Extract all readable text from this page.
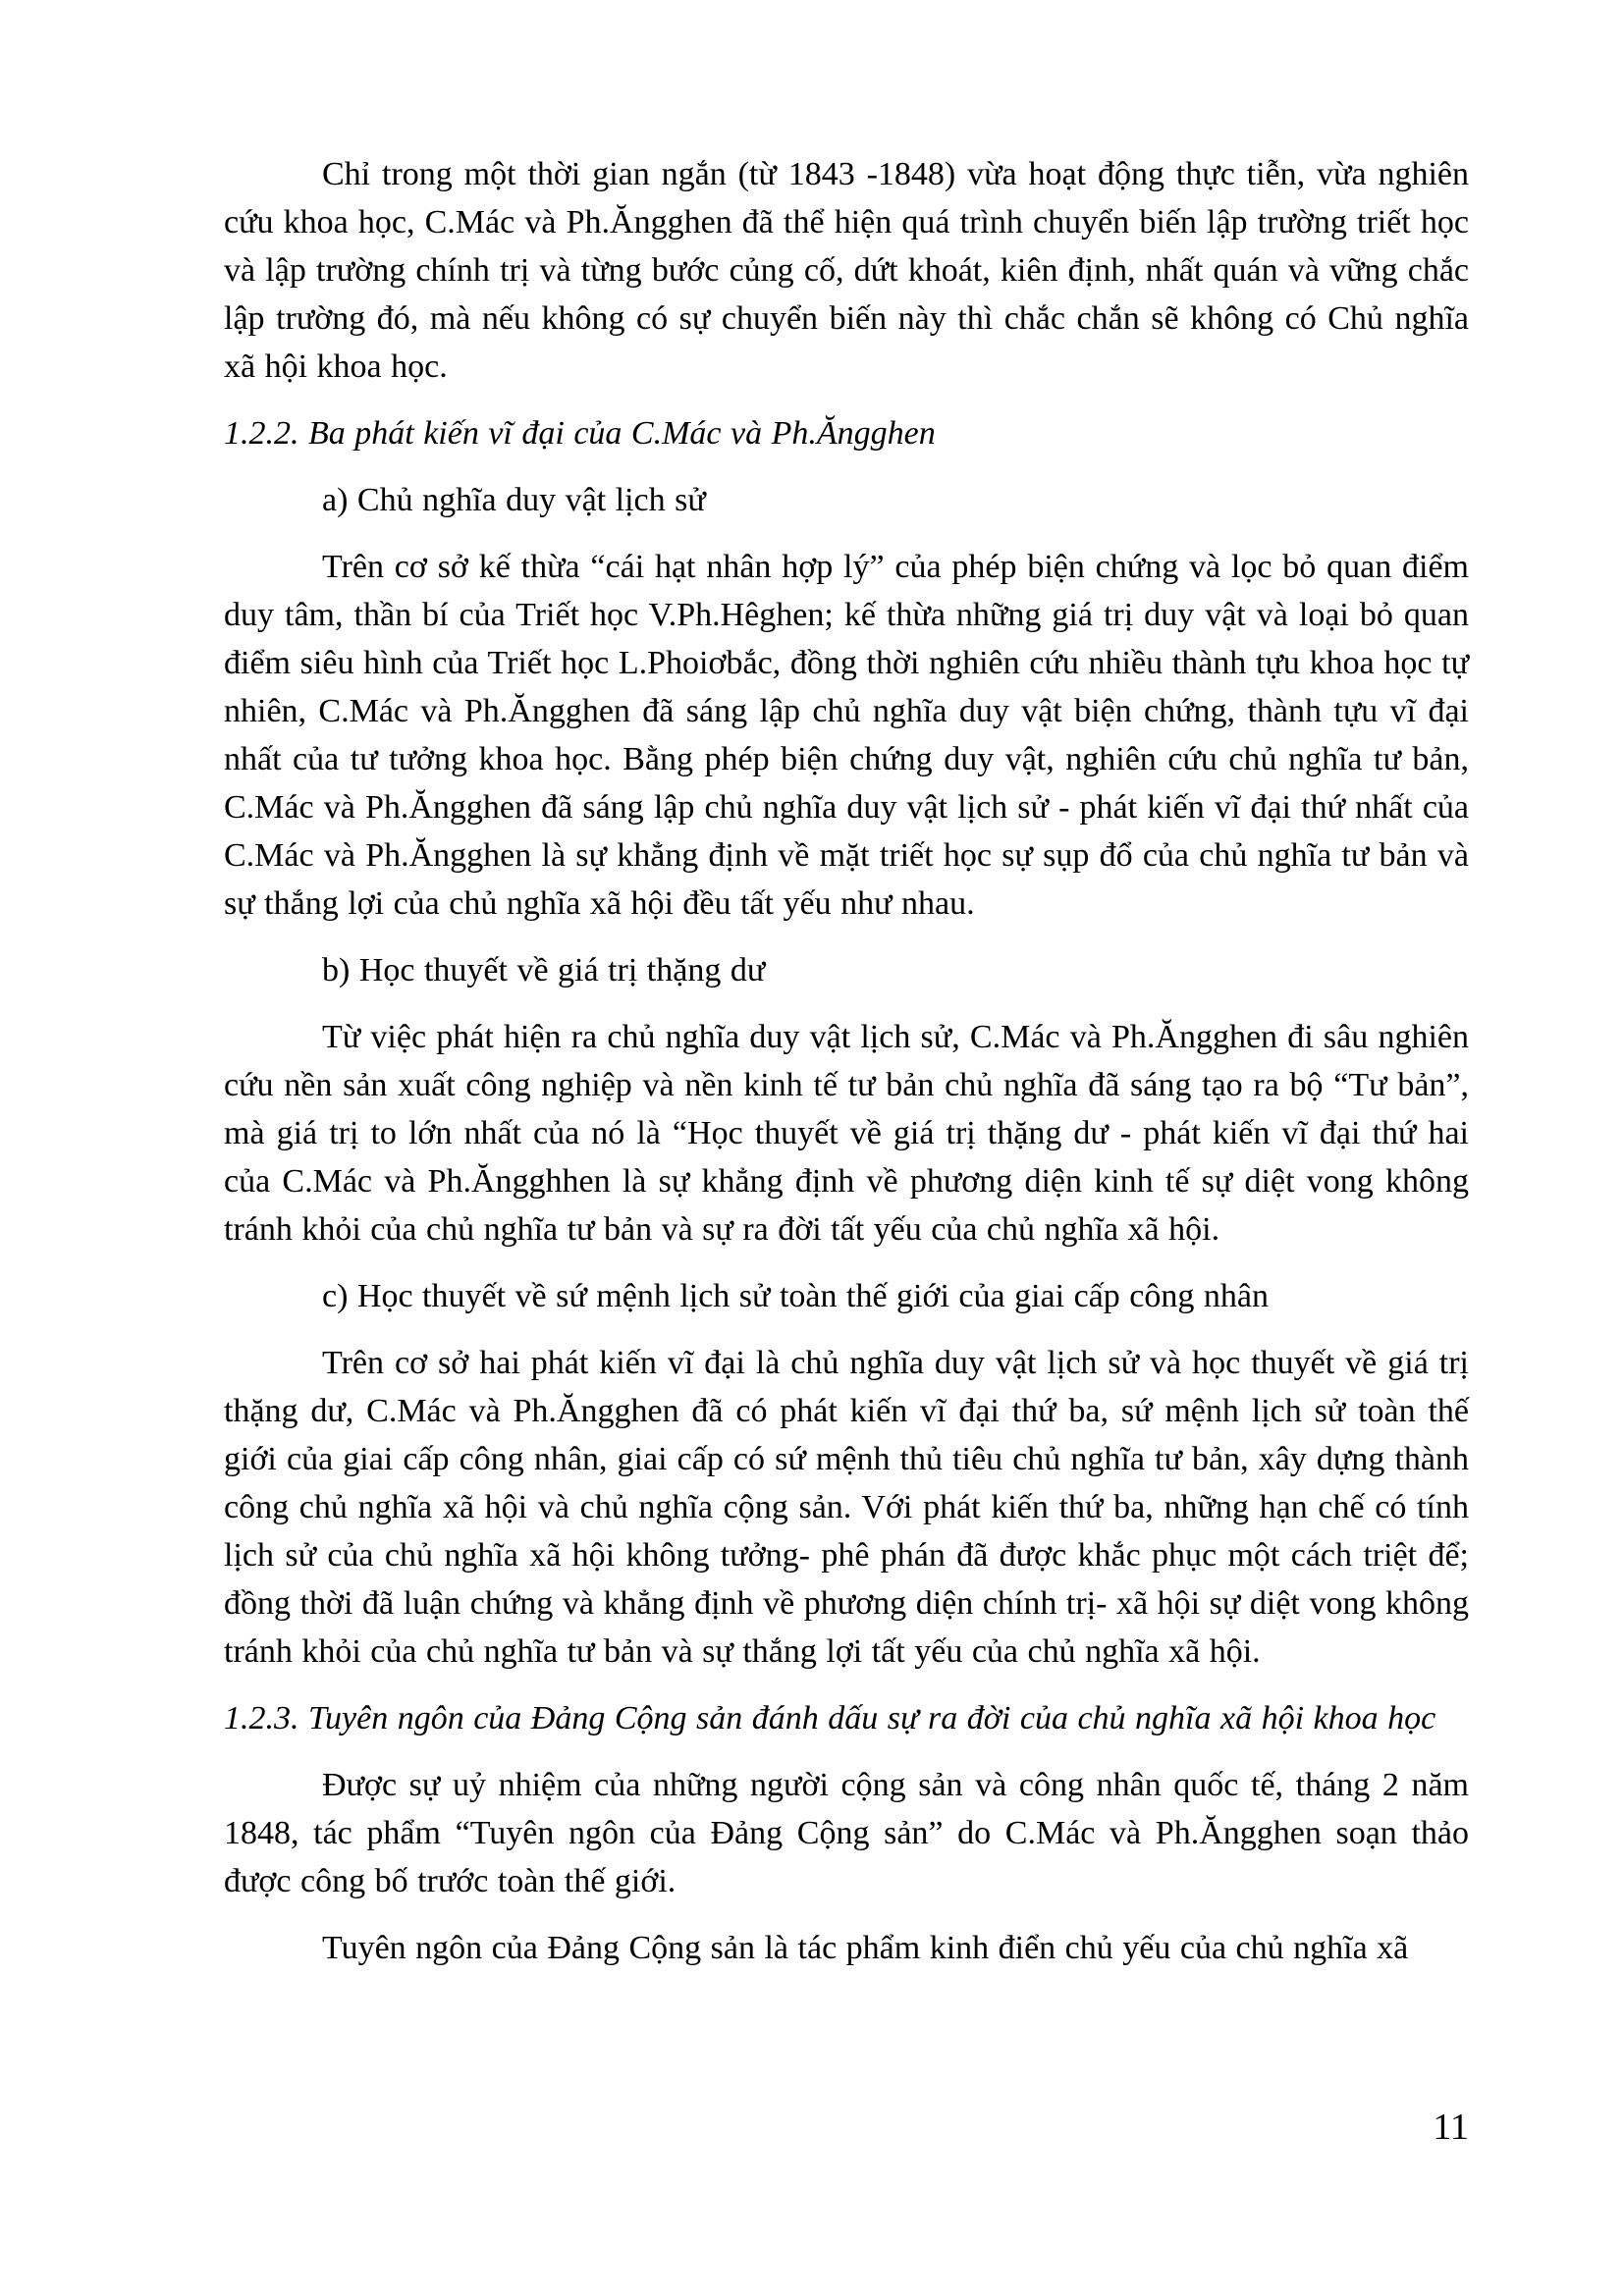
Chỉ trong một thời gian ngắn (từ 1843 -1848) vừa hoạt động thực tiễn, vừa nghiên cứu khoa học, C.Mác và Ph.Ăngghen đã thể hiện quá trình chuyển biến lập trường triết học và lập trường chính trị và từng bước củng cố, dứt khoát, kiên định, nhất quán và vững chắc lập trường đó, mà nếu không có sự chuyển biến này thì chắc chắn sẽ không có Chủ nghĩa xã hội khoa học.

1.2.2. Ba phát kiến vĩ đại của C.Mác và Ph.Ăngghen

a) Chủ nghĩa duy vật lịch sử

Trên cơ sở kế thừa “cái hạt nhân hợp lý” của phép biện chứng và lọc bỏ quan điểm duy tâm, thần bí của Triết học V.Ph.Hêghen; kế thừa những giá trị duy vật và loại bỏ quan điểm siêu hình của Triết học L.Phoiơbắc, đồng thời nghiên cứu nhiều thành tựu khoa học tự nhiên, C.Mác và Ph.Ăngghen đã sáng lập chủ nghĩa duy vật biện chứng, thành tựu vĩ đại nhất của tư tưởng khoa học. Bằng phép biện chứng duy vật, nghiên cứu chủ nghĩa tư bản, C.Mác và Ph.Ăngghen đã sáng lập chủ nghĩa duy vật lịch sử - phát kiến vĩ đại thứ nhất của C.Mác và Ph.Ăngghen là sự khẳng định về mặt triết học sự sụp đổ của chủ nghĩa tư bản và sự thắng lợi của chủ nghĩa xã hội đều tất yếu như nhau.

b) Học thuyết về giá trị thặng dư

Từ việc phát hiện ra chủ nghĩa duy vật lịch sử, C.Mác và Ph.Ăngghen đi sâu nghiên cứu nền sản xuất công nghiệp và nền kinh tế tư bản chủ nghĩa đã sáng tạo ra bộ “Tư bản”, mà giá trị to lớn nhất của nó là “Học thuyết về giá trị thặng dư - phát kiến vĩ đại thứ hai của C.Mác và Ph.Ăngghhen là sự khẳng định về phương diện kinh tế sự diệt vong không tránh khỏi của chủ nghĩa tư bản và sự ra đời tất yếu của chủ nghĩa xã hội.

c) Học thuyết về sứ mệnh lịch sử toàn thế giới của giai cấp công nhân

Trên cơ sở hai phát kiến vĩ đại là chủ nghĩa duy vật lịch sử và học thuyết về giá trị thặng dư, C.Mác và Ph.Ăngghen đã có phát kiến vĩ đại thứ ba, sứ mệnh lịch sử toàn thế giới của giai cấp công nhân, giai cấp có sứ mệnh thủ tiêu chủ nghĩa tư bản, xây dựng thành công chủ nghĩa xã hội và chủ nghĩa cộng sản. Với phát kiến thứ ba, những hạn chế có tính lịch sử của chủ nghĩa xã hội không tưởng- phê phán đã được khắc phục một cách triệt để; đồng thời đã luận chứng và khẳng định về phương diện chính trị- xã hội sự diệt vong không tránh khỏi của chủ nghĩa tư bản và sự thắng lợi tất yếu của chủ nghĩa xã hội.

1.2.3. Tuyên ngôn của Đảng Cộng sản đánh dấu sự ra đời của chủ nghĩa xã hội khoa học

Được sự uỷ nhiệm của những người cộng sản và công nhân quốc tế, tháng 2 năm 1848, tác phẩm “Tuyên ngôn của Đảng Cộng sản” do C.Mác và Ph.Ăngghen soạn thảo được công bố trước toàn thế giới.

Tuyên ngôn của Đảng Cộng sản là tác phẩm kinh điển chủ yếu của chủ nghĩa xã

11
